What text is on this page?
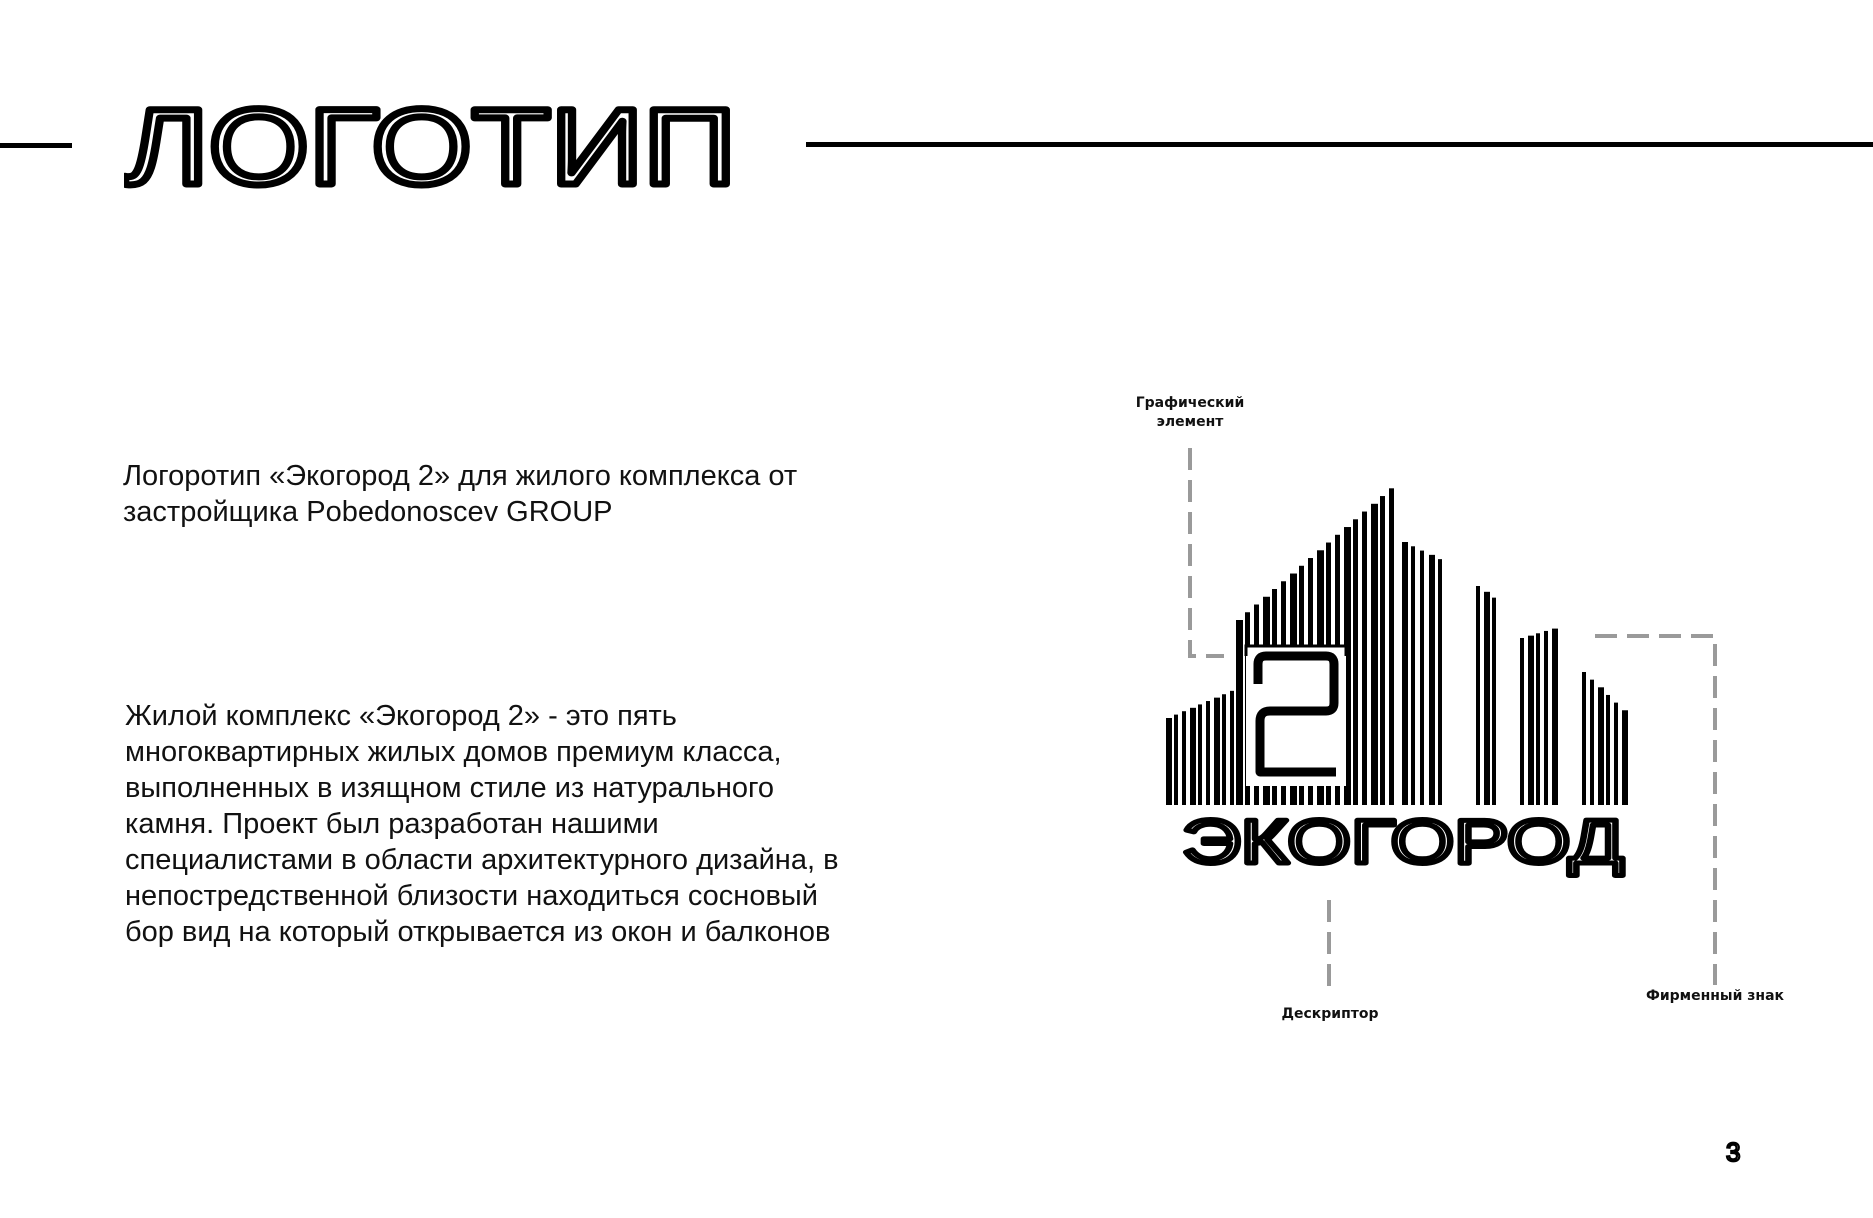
ЛОГОТИП

Логоротип «Экогород 2» для жилого комплекса от застройщика Pobedonoscev GROUP

Жилой комплекс «Экогород 2» - это пять многоквартирных жилых домов премиум класса, выполненных в изящном стиле из натурального камня. Проект был разработан нашими специалистами в области архитектурного дизайна, в непостредственной близости находиться сосновый бор вид на который открывается из окон и балконов

Графический элемент

Дескриптор

Фирменный знак

ЭКОГОРОД
3
